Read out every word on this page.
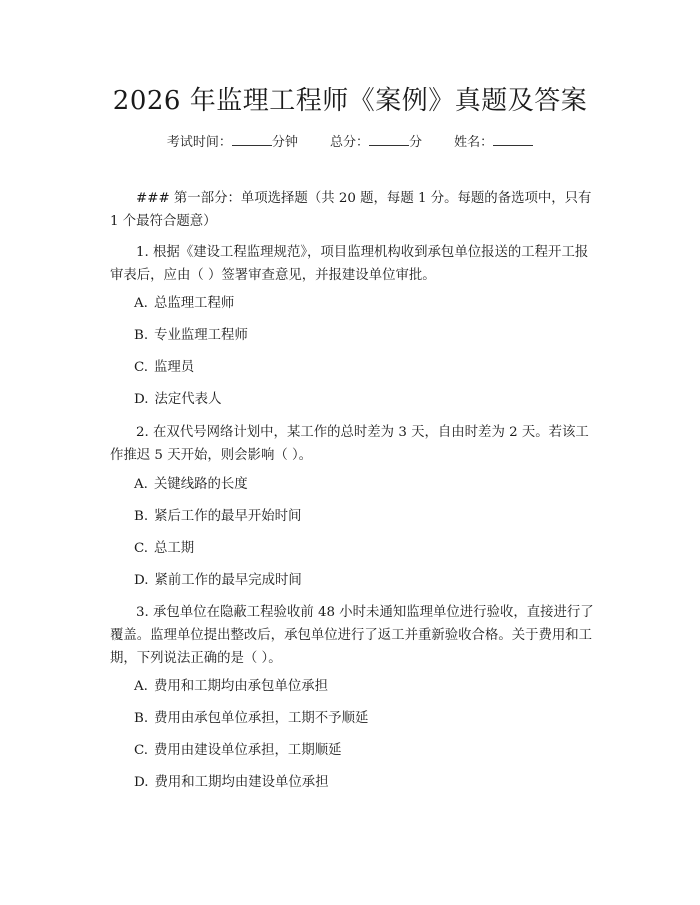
2026 年监理工程师《案例》真题及答案
考试时间：	分钟 总分：	分 姓名：
### 第一部分：单项选择题（共 20 题，每题 1 分。每题的备选项中，只有 1 个最符合题意）
1. 根据《建设工程监理规范》，项目监理机构收到承包单位报送的工程开工报审表后，应由（ ）签署审查意见，并报建设单位审批。
A. 总监理工程师
B. 专业监理工程师
C. 监理员
D. 法定代表人
2. 在双代号网络计划中，某工作的总时差为 3 天，自由时差为 2 天。若该工作推迟 5 天开始，则会影响（ ）。
A. 关键线路的长度
B. 紧后工作的最早开始时间
C. 总工期
D. 紧前工作的最早完成时间
3. 承包单位在隐蔽工程验收前 48 小时未通知监理单位进行验收，直接进行了覆盖。监理单位提出整改后，承包单位进行了返工并重新验收合格。关于费用和工期，下列说法正确的是（ ）。
A. 费用和工期均由承包单位承担
B. 费用由承包单位承担，工期不予顺延
C. 费用由建设单位承担，工期顺延
D. 费用和工期均由建设单位承担
